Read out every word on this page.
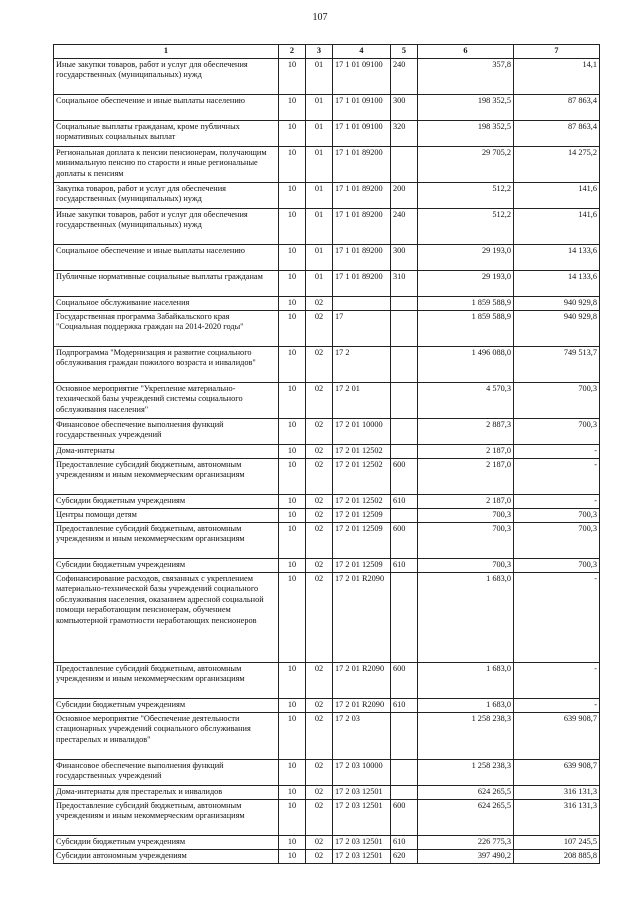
107
1	2	3	4	5	6	7
Иные закупки товаров, работ и услуг для обеспечения государственных (муниципальных) нужд	10	01	17 1 01 09100	240	357,8	14,1
Социальное обеспечение и иные выплаты населению	10	01	17 1 01 09100	300	198 352,5	87 863,4
Социальные выплаты гражданам, кроме публичных нормативных социальных выплат	10	01	17 1 01 09100	320	198 352,5	87 863,4
Региональная доплата к пенсии пенсионерам, получающим минимальную пенсию по старости и иные региональные доплаты к пенсиям	10	01	17 1 01 89200		29 705,2	14 275,2
Закупка товаров, работ и услуг для обеспечения государственных (муниципальных) нужд	10	01	17 1 01 89200	200	512,2	141,6
Иные закупки товаров, работ и услуг для обеспечения государственных (муниципальных) нужд	10	01	17 1 01 89200	240	512,2	141,6
Социальное обеспечение и иные выплаты населению	10	01	17 1 01 89200	300	29 193,0	14 133,6
Публичные нормативные социальные выплаты гражданам	10	01	17 1 01 89200	310	29 193,0	14 133,6
Социальное обслуживание населения	10	02			1 859 588,9	940 929,8
Государственная программа Забайкальского края "Социальная поддержка граждан на 2014-2020 годы"	10	02	17		1 859 588,9	940 929,8
Подпрограмма "Модернизация и развитие социального обслуживания граждан пожилого возраста и инвалидов"	10	02	17 2		1 496 088,0	749 513,7
Основное мероприятие "Укрепление материально-технической базы учреждений системы социального обслуживания населения"	10	02	17 2 01		4 570,3	700,3
Финансовое обеспечение выполнения функций государственных учреждений	10	02	17 2 01 10000		2 887,3	700,3
Дома-интернаты	10	02	17 2 01 12502		2 187,0	-
Предоставление субсидий бюджетным, автономным учреждениям и иным некоммерческим организациям	10	02	17 2 01 12502	600	2 187,0	-
Субсидии бюджетным учреждениям	10	02	17 2 01 12502	610	2 187,0	-
Центры помощи детям	10	02	17 2 01 12509		700,3	700,3
Предоставление субсидий бюджетным, автономным учреждениям и иным некоммерческим организациям	10	02	17 2 01 12509	600	700,3	700,3
Субсидии бюджетным учреждениям	10	02	17 2 01 12509	610	700,3	700,3
Софинансирование расходов, связанных с укреплением материально-технической базы учреждений социального обслуживания населения, оказанием адресной социальной помощи неработающим пенсионерам, обучением компьютерной грамотности неработающих пенсионеров	10	02	17 2 01 R2090		1 683,0	-
Предоставление субсидий бюджетным, автономным учреждениям и иным некоммерческим организациям	10	02	17 2 01 R2090	600	1 683,0	-
Субсидии бюджетным учреждениям	10	02	17 2 01 R2090	610	1 683,0	-
Основное мероприятие "Обеспечение деятельности стационарных учреждений социального обслуживания престарелых и инвалидов"	10	02	17 2 03		1 258 238,3	639 908,7
Финансовое обеспечение выполнения функций государственных учреждений	10	02	17 2 03 10000		1 258 238,3	639 908,7
Дома-интернаты для престарелых и инвалидов	10	02	17 2 03 12501		624 265,5	316 131,3
Предоставление субсидий бюджетным, автономным учреждениям и иным некоммерческим организациям	10	02	17 2 03 12501	600	624 265,5	316 131,3
Субсидии бюджетным учреждениям	10	02	17 2 03 12501	610	226 775,3	107 245,5
Субсидии автономным учреждениям	10	02	17 2 03 12501	620	397 490,2	208 885,8
